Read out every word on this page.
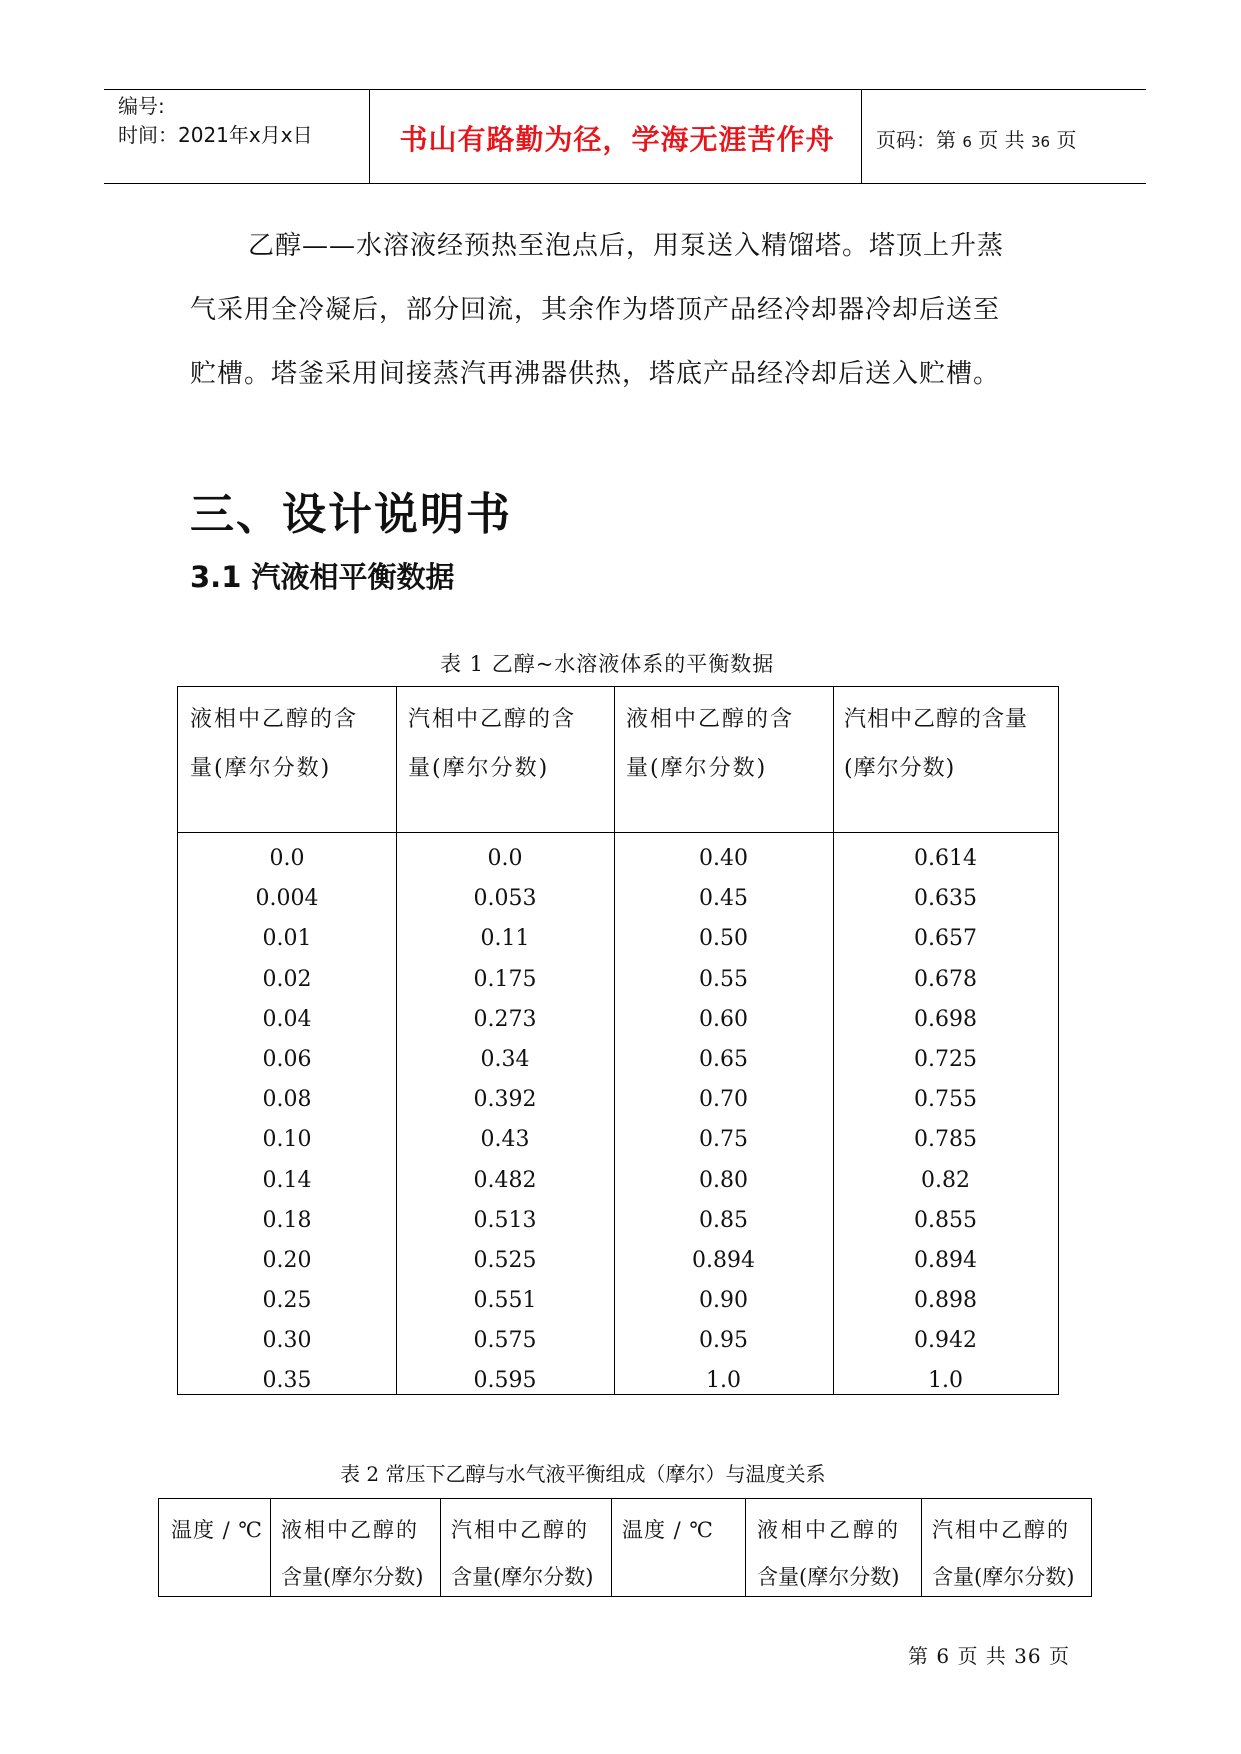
编号:
时间：2021年x月x日	书山有路勤为径，学海无涯苦作舟	页码：第 6 页 共 36 页
乙醇——水溶液经预热至泡点后，用泵送入精馏塔。塔顶上升蒸
气采用全冷凝后，部分回流，其余作为塔顶产品经冷却器冷却后送至
贮槽。塔釜采用间接蒸汽再沸器供热，塔底产品经冷却后送入贮槽。
三、设计说明书
3.1 汽液相平衡数据
表 1 乙醇~水溶液体系的平衡数据
液相中乙醇的含
量(摩尔分数)
汽相中乙醇的含
量(摩尔分数)
液相中乙醇的含
量(摩尔分数)
汽相中乙醇的含量
(摩尔分数)
0.0
0.004
0.01
0.02
0.04
0.06
0.08
0.10
0.14
0.18
0.20
0.25
0.30
0.35
0.0
0.053
0.11
0.175
0.273
0.34
0.392
0.43
0.482
0.513
0.525
0.551
0.575
0.595
0.40
0.45
0.50
0.55
0.60
0.65
0.70
0.75
0.80
0.85
0.894
0.90
0.95
1.0
0.614
0.635
0.657
0.678
0.698
0.725
0.755
0.785
0.82
0.855
0.894
0.898
0.942
1.0
表 2 常压下乙醇与水气液平衡组成（摩尔）与温度关系
温度 / ℃ 液相中乙醇的
含量(摩尔分数)
汽相中乙醇的
含量(摩尔分数)
温度 / ℃ 液相中乙醇的
含量(摩尔分数)
汽相中乙醇的
含量(摩尔分数)
第 6 页 共 36 页
